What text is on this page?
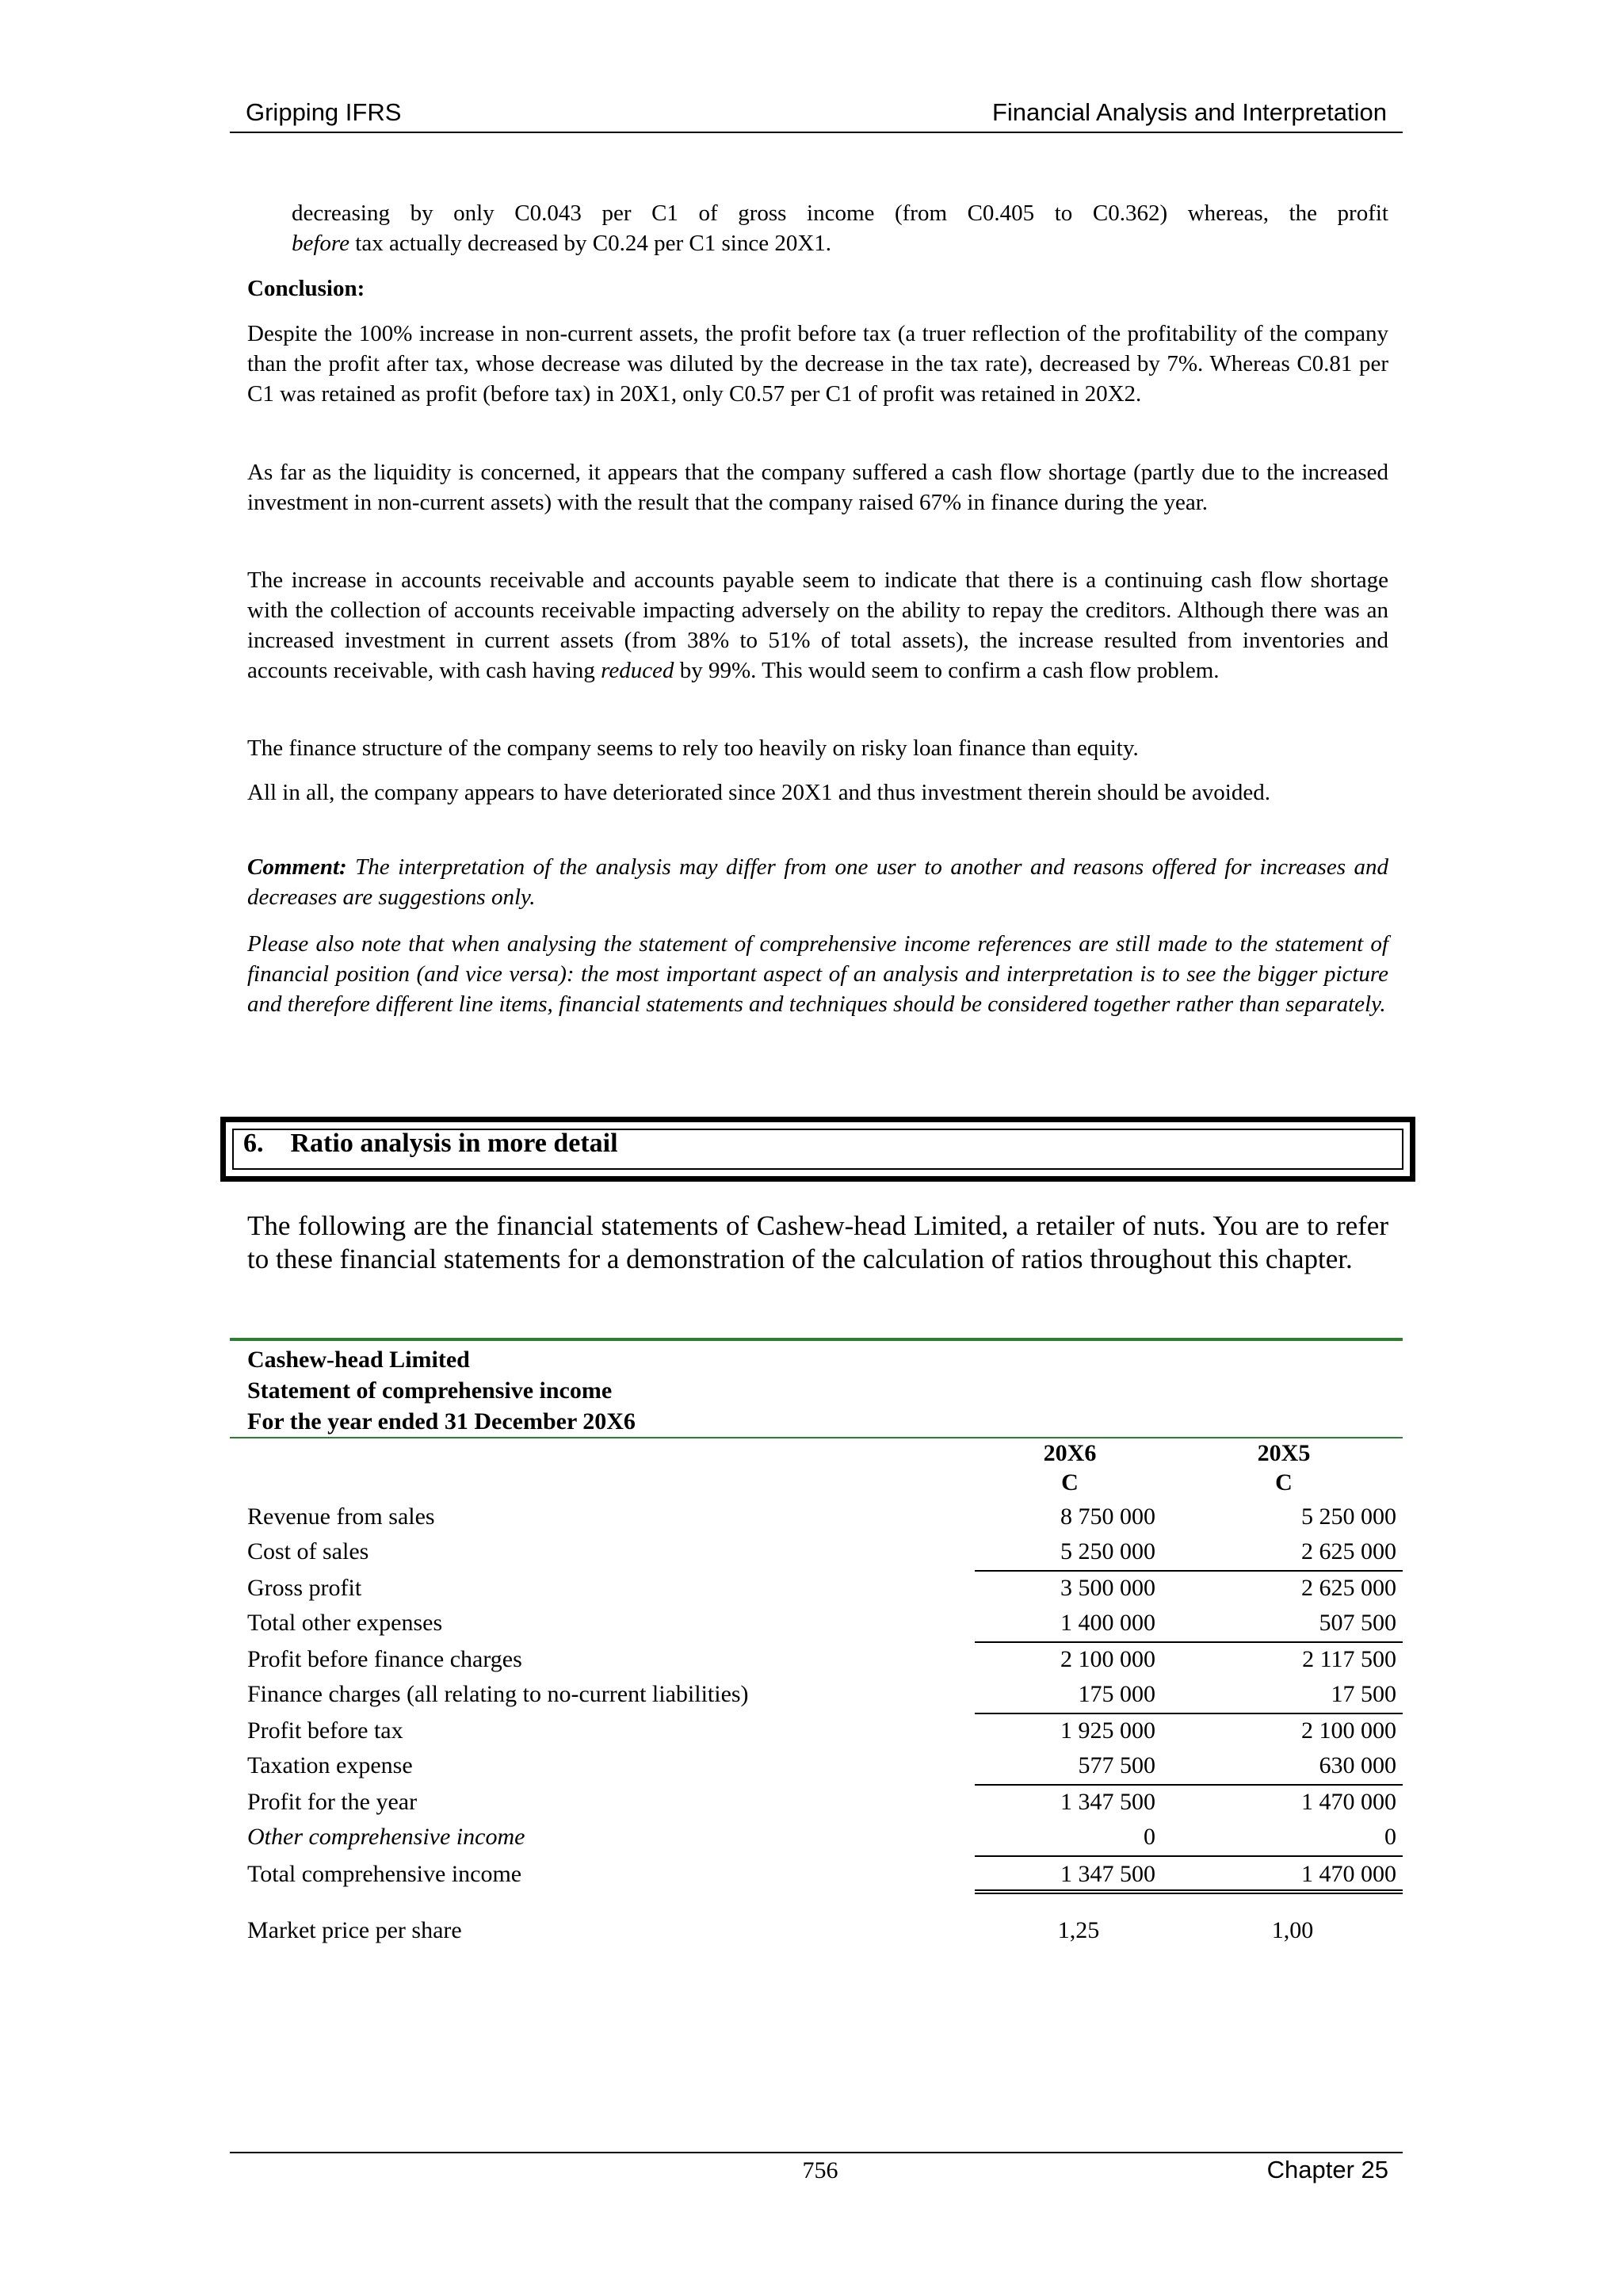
Gripping IFRS	Financial Analysis and Interpretation

decreasing by only C0.043 per C1 of gross income (from C0.405 to C0.362) whereas, the profit

before tax actually decreased by C0.24 per C1 since 20X1.

Conclusion:

Despite the 100% increase in non-current assets, the profit before tax (a truer reflection of the profitability of the company than the profit after tax, whose decrease was diluted by the decrease in the tax rate), decreased by 7%. Whereas C0.81 per C1 was retained as profit (before tax) in 20X1, only C0.57 per C1 of profit was retained in 20X2.

As far as the liquidity is concerned, it appears that the company suffered a cash flow shortage (partly due to the increased investment in non-current assets) with the result that the company raised 67% in finance during the year.

The increase in accounts receivable and accounts payable seem to indicate that there is a continuing cash flow shortage with the collection of accounts receivable impacting adversely on the ability to repay the creditors. Although there was an increased investment in current assets (from 38% to 51% of total assets), the increase resulted from inventories and accounts receivable, with cash having reduced by 99%. This would seem to confirm a cash flow problem.

The finance structure of the company seems to rely too heavily on risky loan finance than equity.

All in all, the company appears to have deteriorated since 20X1 and thus investment therein should be avoided.

Comment: The interpretation of the analysis may differ from one user to another and reasons offered for increases and decreases are suggestions only.

Please also note that when analysing the statement of comprehensive income references are still made to the statement of financial position (and vice versa): the most important aspect of an analysis and interpretation is to see the bigger picture and therefore different line items, financial statements and techniques should be considered together rather than separately.

6. Ratio analysis in more detail

The following are the financial statements of Cashew-head Limited, a retailer of nuts. You are to refer to these financial statements for a demonstration of the calculation of ratios throughout this chapter.

Cashew-head Limited
Statement of comprehensive income
For the year ended 31 December 20X6
20X6
C
20X5
C
Revenue from sales	8 750 000	5 250 000
Cost of sales	5 250 000	2 625 000
Gross profit	3 500 000	2 625 000
Total other expenses	1 400 000	507 500
Profit before finance charges	2 100 000	2 117 500
Finance charges (all relating to no-current liabilities)	175 000	17 500
Profit before tax	1 925 000	2 100 000
Taxation expense	577 500	630 000
Profit for the year	1 347 500	1 470 000
Other comprehensive income	0	0
Total comprehensive income	1 347 500	1 470 000
Market price per share	1,25	1,00
756	Chapter 25
